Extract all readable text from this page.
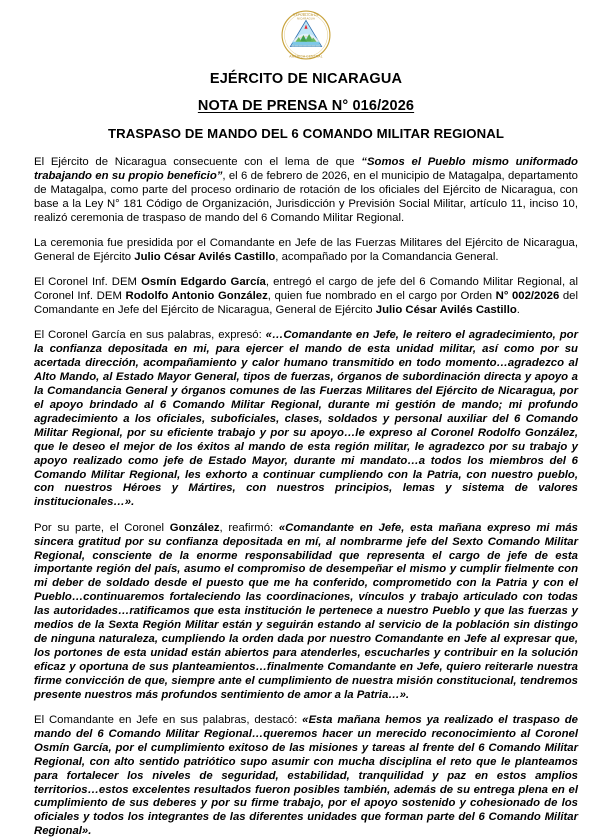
REPÚBLICA DE
AMÉRICA CENTRAL
NICARAGUA
EJÉRCITO DE NICARAGUA
NOTA DE PRENSA N° 016/2026
TRASPASO DE MANDO DEL 6 COMANDO MILITAR REGIONAL

El Ejército de Nicaragua consecuente con el lema de que “Somos el Pueblo mismo uniformado trabajando en su propio beneficio”, el 6 de febrero de 2026, en el municipio de Matagalpa, departamento de Matagalpa, como parte del proceso ordinario de rotación de los oficiales del Ejército de Nicaragua, con base a la Ley N° 181 Código de Organización, Jurisdicción y Previsión Social Militar, artículo 11, inciso 10, realizó ceremonia de traspaso de mando del 6 Comando Militar Regional.

La ceremonia fue presidida por el Comandante en Jefe de las Fuerzas Militares del Ejército de Nicaragua, General de Ejército Julio César Avilés Castillo, acompañado por la Comandancia General.

El Coronel Inf. DEM Osmín Edgardo García, entregó el cargo de jefe del 6 Comando Militar Regional, al Coronel Inf. DEM Rodolfo Antonio González, quien fue nombrado en el cargo por Orden N° 002/2026 del Comandante en Jefe del Ejército de Nicaragua, General de Ejército Julio César Avilés Castillo.

El Coronel García en sus palabras, expresó: «…Comandante en Jefe, le reitero el agradecimiento, por la confianza depositada en mi, para ejercer el mando de esta unidad militar, así como por su acertada dirección, acompañamiento y calor humano transmitido en todo momento…agradezco al Alto Mando, al Estado Mayor General, tipos de fuerzas, órganos de subordinación directa y apoyo a la Comandancia General y órganos comunes de las Fuerzas Militares del Ejército de Nicaragua, por el apoyo brindado al 6 Comando Militar Regional, durante mi gestión de mando; mi profundo agradecimiento a los oficiales, suboficiales, clases, soldados y personal auxiliar del 6 Comando Militar Regional, por su eficiente trabajo y por su apoyo…le expreso al Coronel Rodolfo González, que le deseo el mejor de los éxitos al mando de esta región militar, le agradezco por su trabajo y apoyo realizado como jefe de Estado Mayor, durante mi mandato…a todos los miembros del 6 Comando Militar Regional, les exhorto a continuar cumpliendo con la Patria, con nuestro pueblo, con nuestros Héroes y Mártires, con nuestros principios, lemas y sistema de valores institucionales…».

Por su parte, el Coronel González, reafirmó: «Comandante en Jefe, esta mañana expreso mi más sincera gratitud por su confianza depositada en mí, al nombrarme jefe del Sexto Comando Militar Regional, consciente de la enorme responsabilidad que representa el cargo de jefe de esta importante región del país, asumo el compromiso de desempeñar el mismo y cumplir fielmente con mi deber de soldado desde el puesto que me ha conferido, comprometido con la Patria y con el Pueblo…continuaremos fortaleciendo las coordinaciones, vínculos y trabajo articulado con todas las autoridades…ratificamos que esta institución le pertenece a nuestro Pueblo y que las fuerzas y medios de la Sexta Región Militar están y seguirán estando al servicio de la población sin distingo de ninguna naturaleza, cumpliendo la orden dada por nuestro Comandante en Jefe al expresar que, los portones de esta unidad están abiertos para atenderles, escucharles y contribuir en la solución eficaz y oportuna de sus planteamientos…finalmente Comandante en Jefe, quiero reiterarle nuestra firme convicción de que, siempre ante el cumplimiento de nuestra misión constitucional, tendremos presente nuestros más profundos sentimiento de amor a la Patria…».

El Comandante en Jefe en sus palabras, destacó: «Esta mañana hemos ya realizado el traspaso de mando del 6 Comando Militar Regional…queremos hacer un merecido reconocimiento al Coronel Osmín García, por el cumplimiento exitoso de las misiones y tareas al frente del 6 Comando Militar Regional, con alto sentido patriótico supo asumir con mucha disciplina el reto que le planteamos para fortalecer los niveles de seguridad, estabilidad, tranquilidad y paz en estos amplios territorios…estos excelentes resultados fueron posibles también, además de su entrega plena en el cumplimiento de sus deberes y por su firme trabajo, por el apoyo sostenido y cohesionado de los oficiales y todos los integrantes de las diferentes unidades que forman parte del 6 Comando Militar Regional».
